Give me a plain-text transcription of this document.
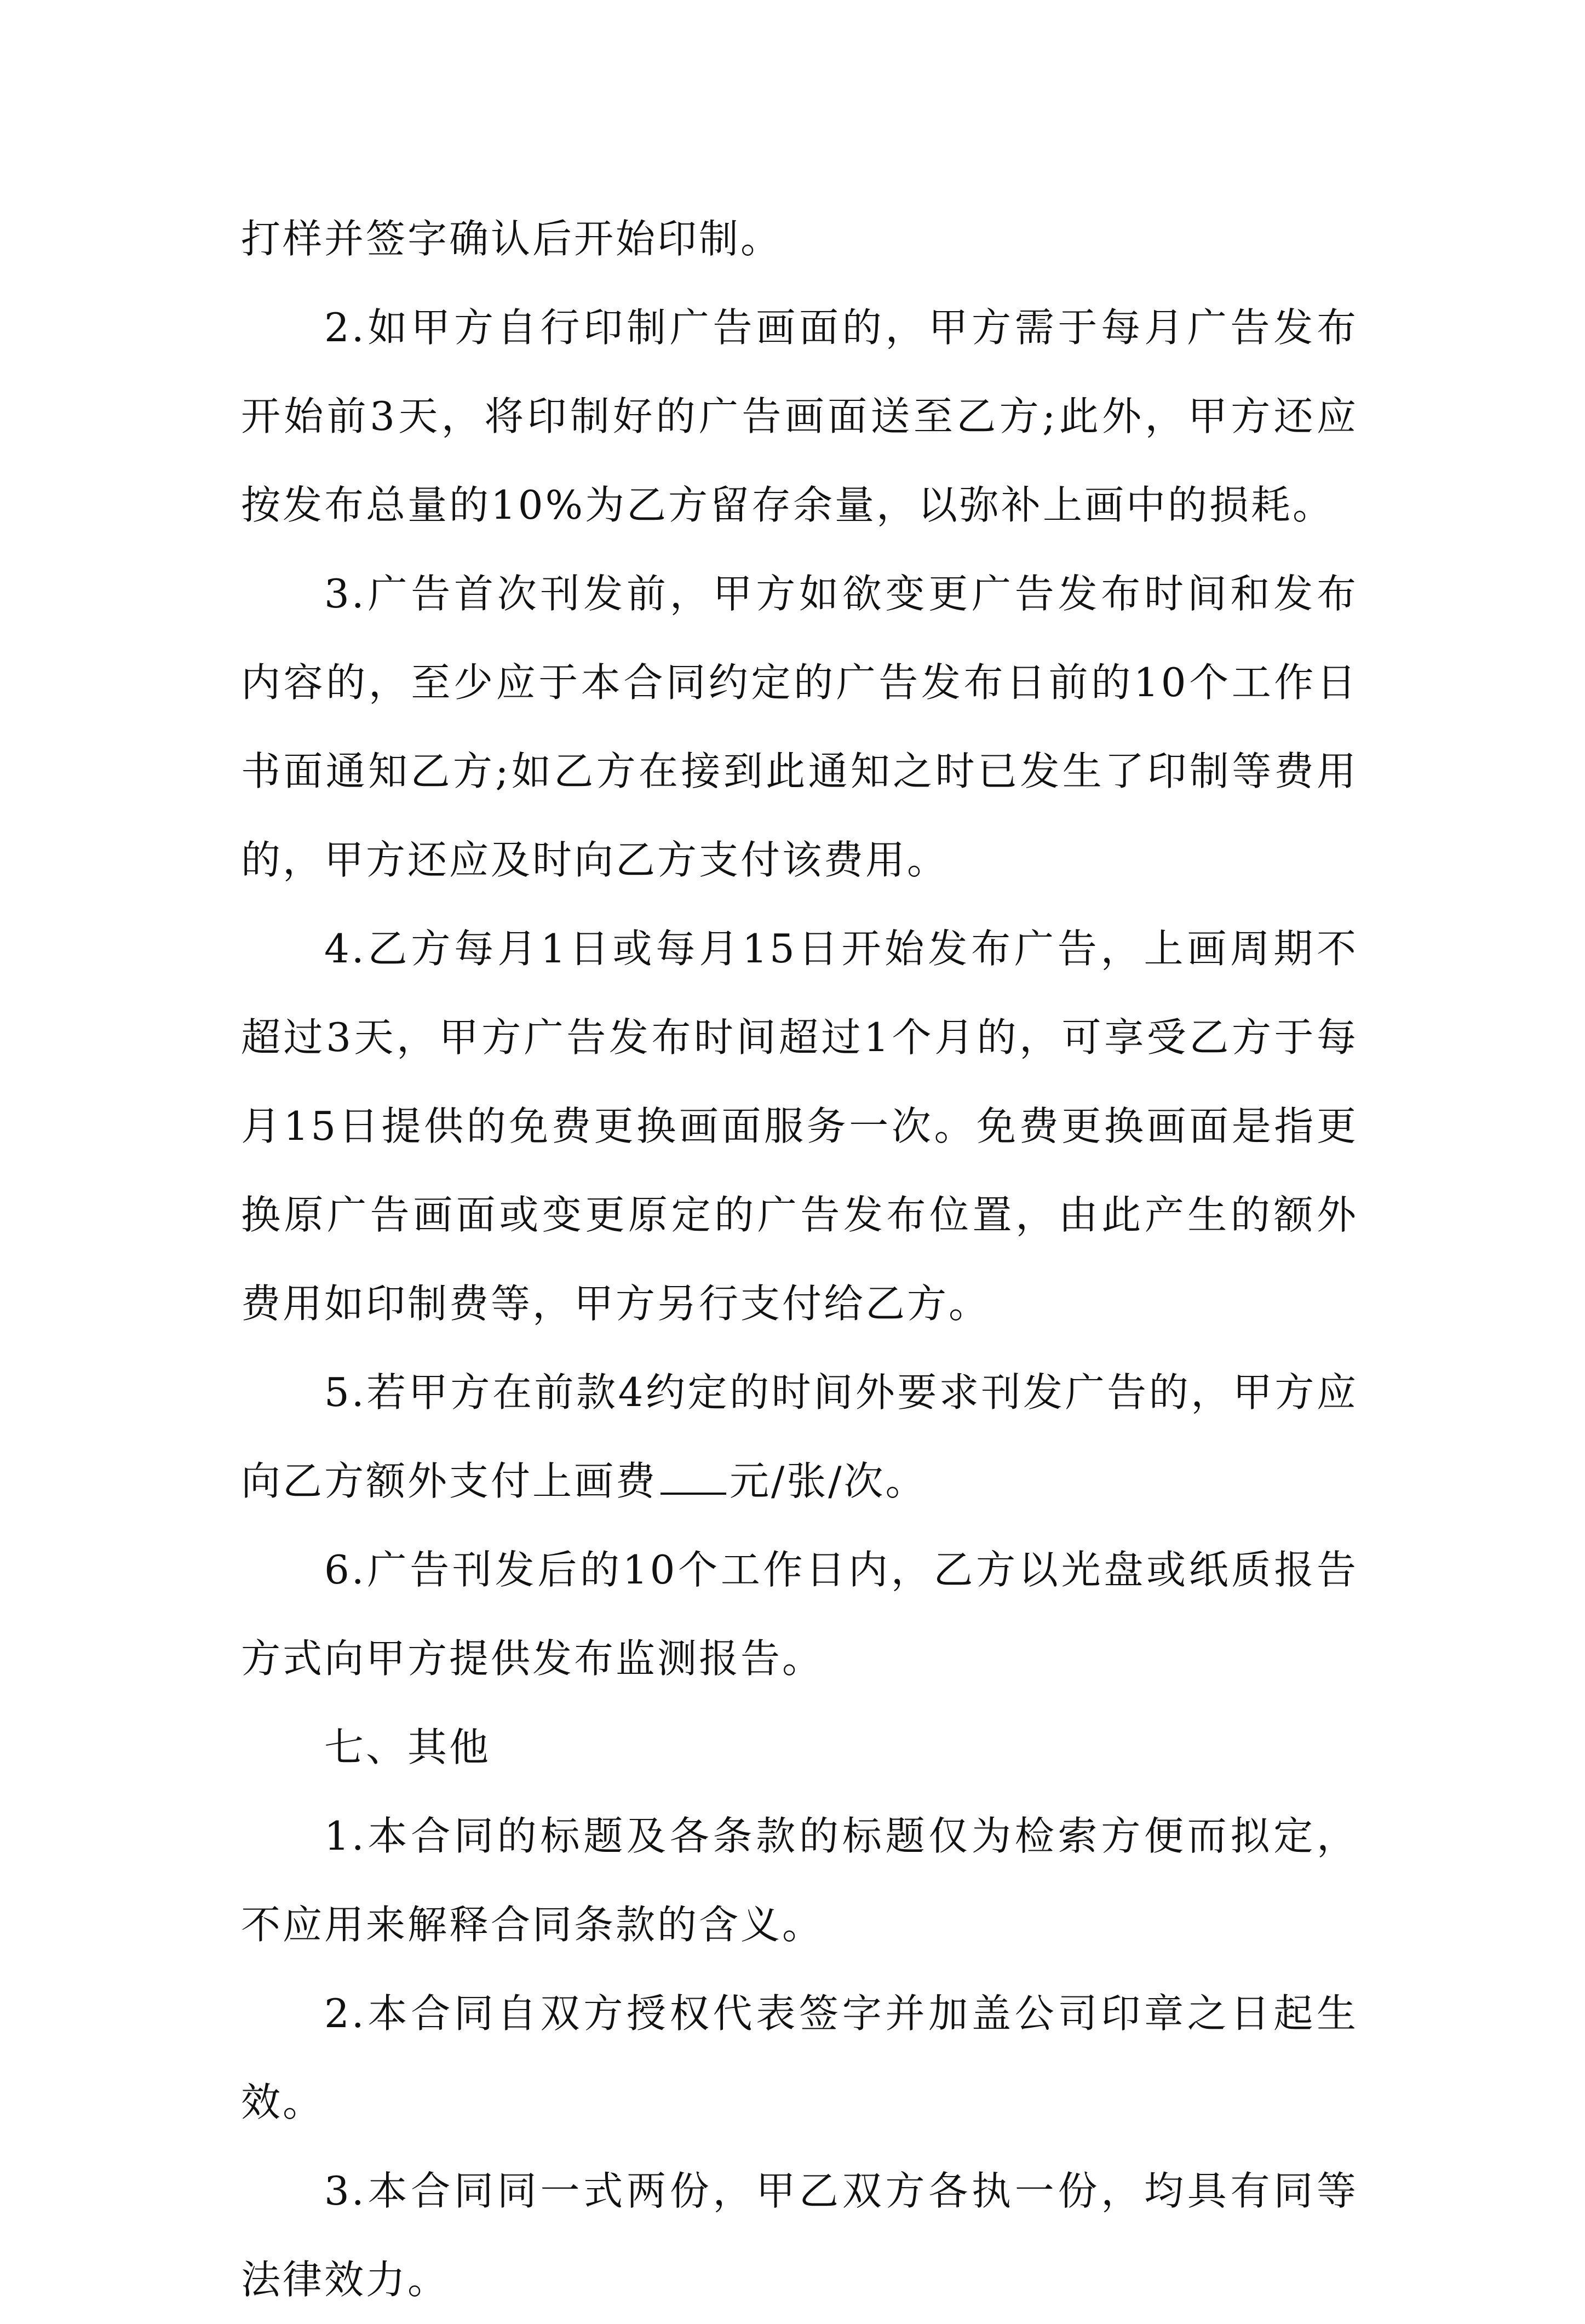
打样并签字确认后开始印制。

2.如甲方自行印制广告画面的，甲方需于每月广告发布开始前3天，将印制好的广告画面送至乙方;此外，甲方还应按发布总量的10%为乙方留存余量，以弥补上画中的损耗。

3.广告首次刊发前，甲方如欲变更广告发布时间和发布内容的，至少应于本合同约定的广告发布日前的10个工作日书面通知乙方;如乙方在接到此通知之时已发生了印制等费用的，甲方还应及时向乙方支付该费用。

4.乙方每月1日或每月15日开始发布广告，上画周期不超过3天，甲方广告发布时间超过1个月的，可享受乙方于每月15日提供的免费更换画面服务一次。免费更换画面是指更换原广告画面或变更原定的广告发布位置，由此产生的额外费用如印制费等，甲方另行支付给乙方。

5.若甲方在前款4约定的时间外要求刊发广告的，甲方应向乙方额外支付上画费 元/张/次。

6.广告刊发后的10个工作日内，乙方以光盘或纸质报告方式向甲方提供发布监测报告。

七、其他

1.本合同的标题及各条款的标题仅为检索方便而拟定，不应用来解释合同条款的含义。

2.本合同自双方授权代表签字并加盖公司印章之日起生效。

3.本合同同一式两份，甲乙双方各执一份，均具有同等法律效力。
